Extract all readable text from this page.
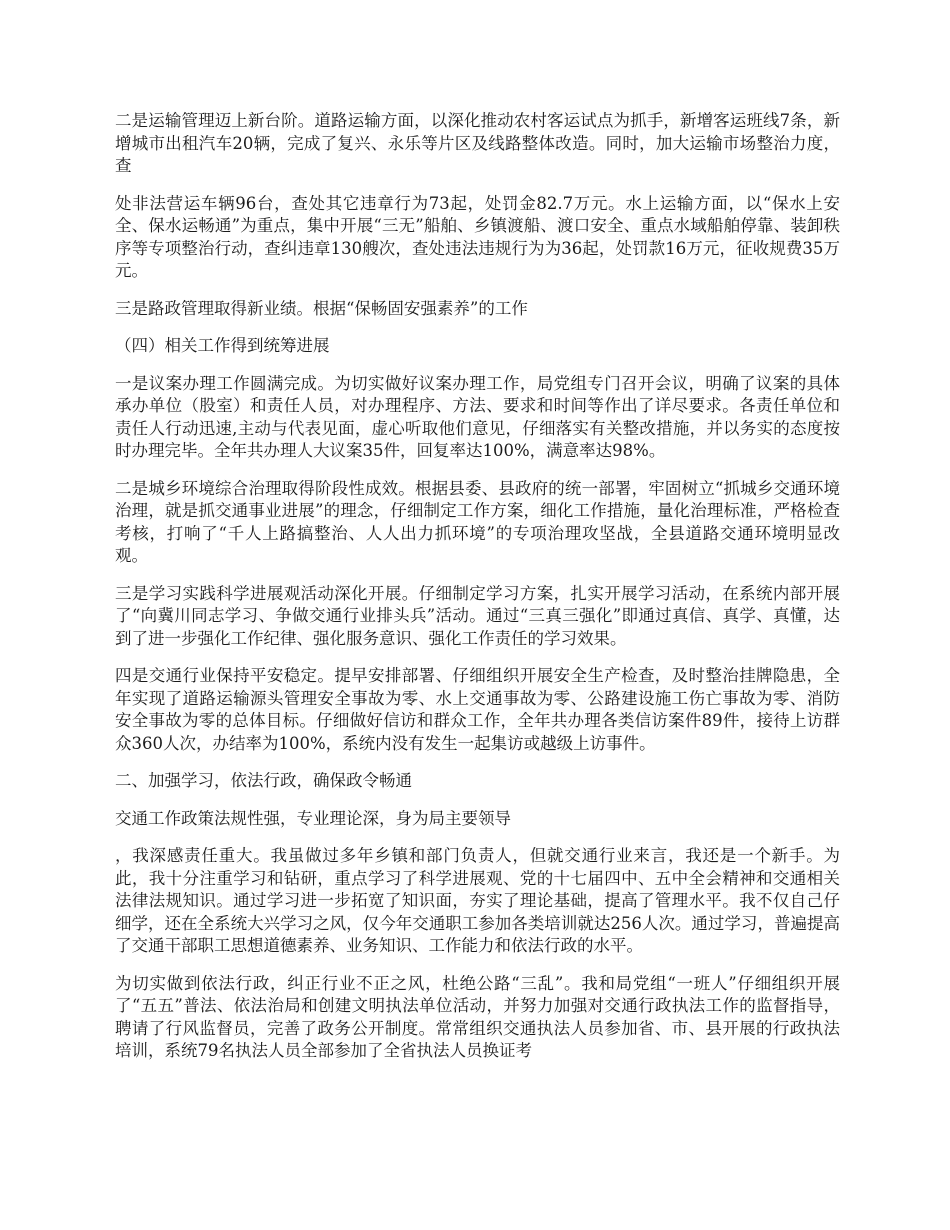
二是运输管理迈上新台阶。道路运输方面，以深化推动农村客运试点为抓手，新增客运班线7条，新增城市出租汽车20辆，完成了复兴、永乐等片区及线路整体改造。同时，加大运输市场整治力度，查

处非法营运车辆96台，查处其它违章行为73起，处罚金82.7万元。水上运输方面，以“保水上安全、保水运畅通”为重点，集中开展“三无”船舶、乡镇渡船、渡口安全、重点水域船舶停靠、装卸秩序等专项整治行动，查纠违章130艘次，查处违法违规行为为36起，处罚款16万元，征收规费35万元。

三是路政管理取得新业绩。根据“保畅固安强素养”的工作

（四）相关工作得到统筹进展

一是议案办理工作圆满完成。为切实做好议案办理工作，局党组专门召开会议，明确了议案的具体承办单位（股室）和责任人员，对办理程序、方法、要求和时间等作出了详尽要求。各责任单位和责任人行动迅速,主动与代表见面，虚心听取他们意见，仔细落实有关整改措施，并以务实的态度按时办理完毕。全年共办理人大议案35件，回复率达100%，满意率达98%。

二是城乡环境综合治理取得阶段性成效。根据县委、县政府的统一部署，牢固树立“抓城乡交通环境治理，就是抓交通事业进展”的理念，仔细制定工作方案，细化工作措施，量化治理标准，严格检查考核，打响了“千人上路搞整治、人人出力抓环境”的专项治理攻坚战，全县道路交通环境明显改观。

三是学习实践科学进展观活动深化开展。仔细制定学习方案，扎实开展学习活动，在系统内部开展了“向冀川同志学习、争做交通行业排头兵”活动。通过“三真三强化”即通过真信、真学、真懂，达到了进一步强化工作纪律、强化服务意识、强化工作责任的学习效果。

四是交通行业保持平安稳定。提早安排部署、仔细组织开展安全生产检查，及时整治挂牌隐患，全年实现了道路运输源头管理安全事故为零、水上交通事故为零、公路建设施工伤亡事故为零、消防安全事故为零的总体目标。仔细做好信访和群众工作，全年共办理各类信访案件89件，接待上访群众360人次，办结率为100%，系统内没有发生一起集访或越级上访事件。

二、加强学习，依法行政，确保政令畅通

交通工作政策法规性强，专业理论深，身为局主要领导

，我深感责任重大。我虽做过多年乡镇和部门负责人，但就交通行业来言，我还是一个新手。为此，我十分注重学习和钻研，重点学习了科学进展观、党的十七届四中、五中全会精神和交通相关法律法规知识。通过学习进一步拓宽了知识面，夯实了理论基础，提高了管理水平。我不仅自己仔细学，还在全系统大兴学习之风，仅今年交通职工参加各类培训就达256人次。通过学习，普遍提高了交通干部职工思想道德素养、业务知识、工作能力和依法行政的水平。

为切实做到依法行政，纠正行业不正之风，杜绝公路“三乱”。我和局党组“一班人”仔细组织开展了“五五”普法、依法治局和创建文明执法单位活动，并努力加强对交通行政执法工作的监督指导，聘请了行风监督员，完善了政务公开制度。常常组织交通执法人员参加省、市、县开展的行政执法培训，系统79名执法人员全部参加了全省执法人员换证考
